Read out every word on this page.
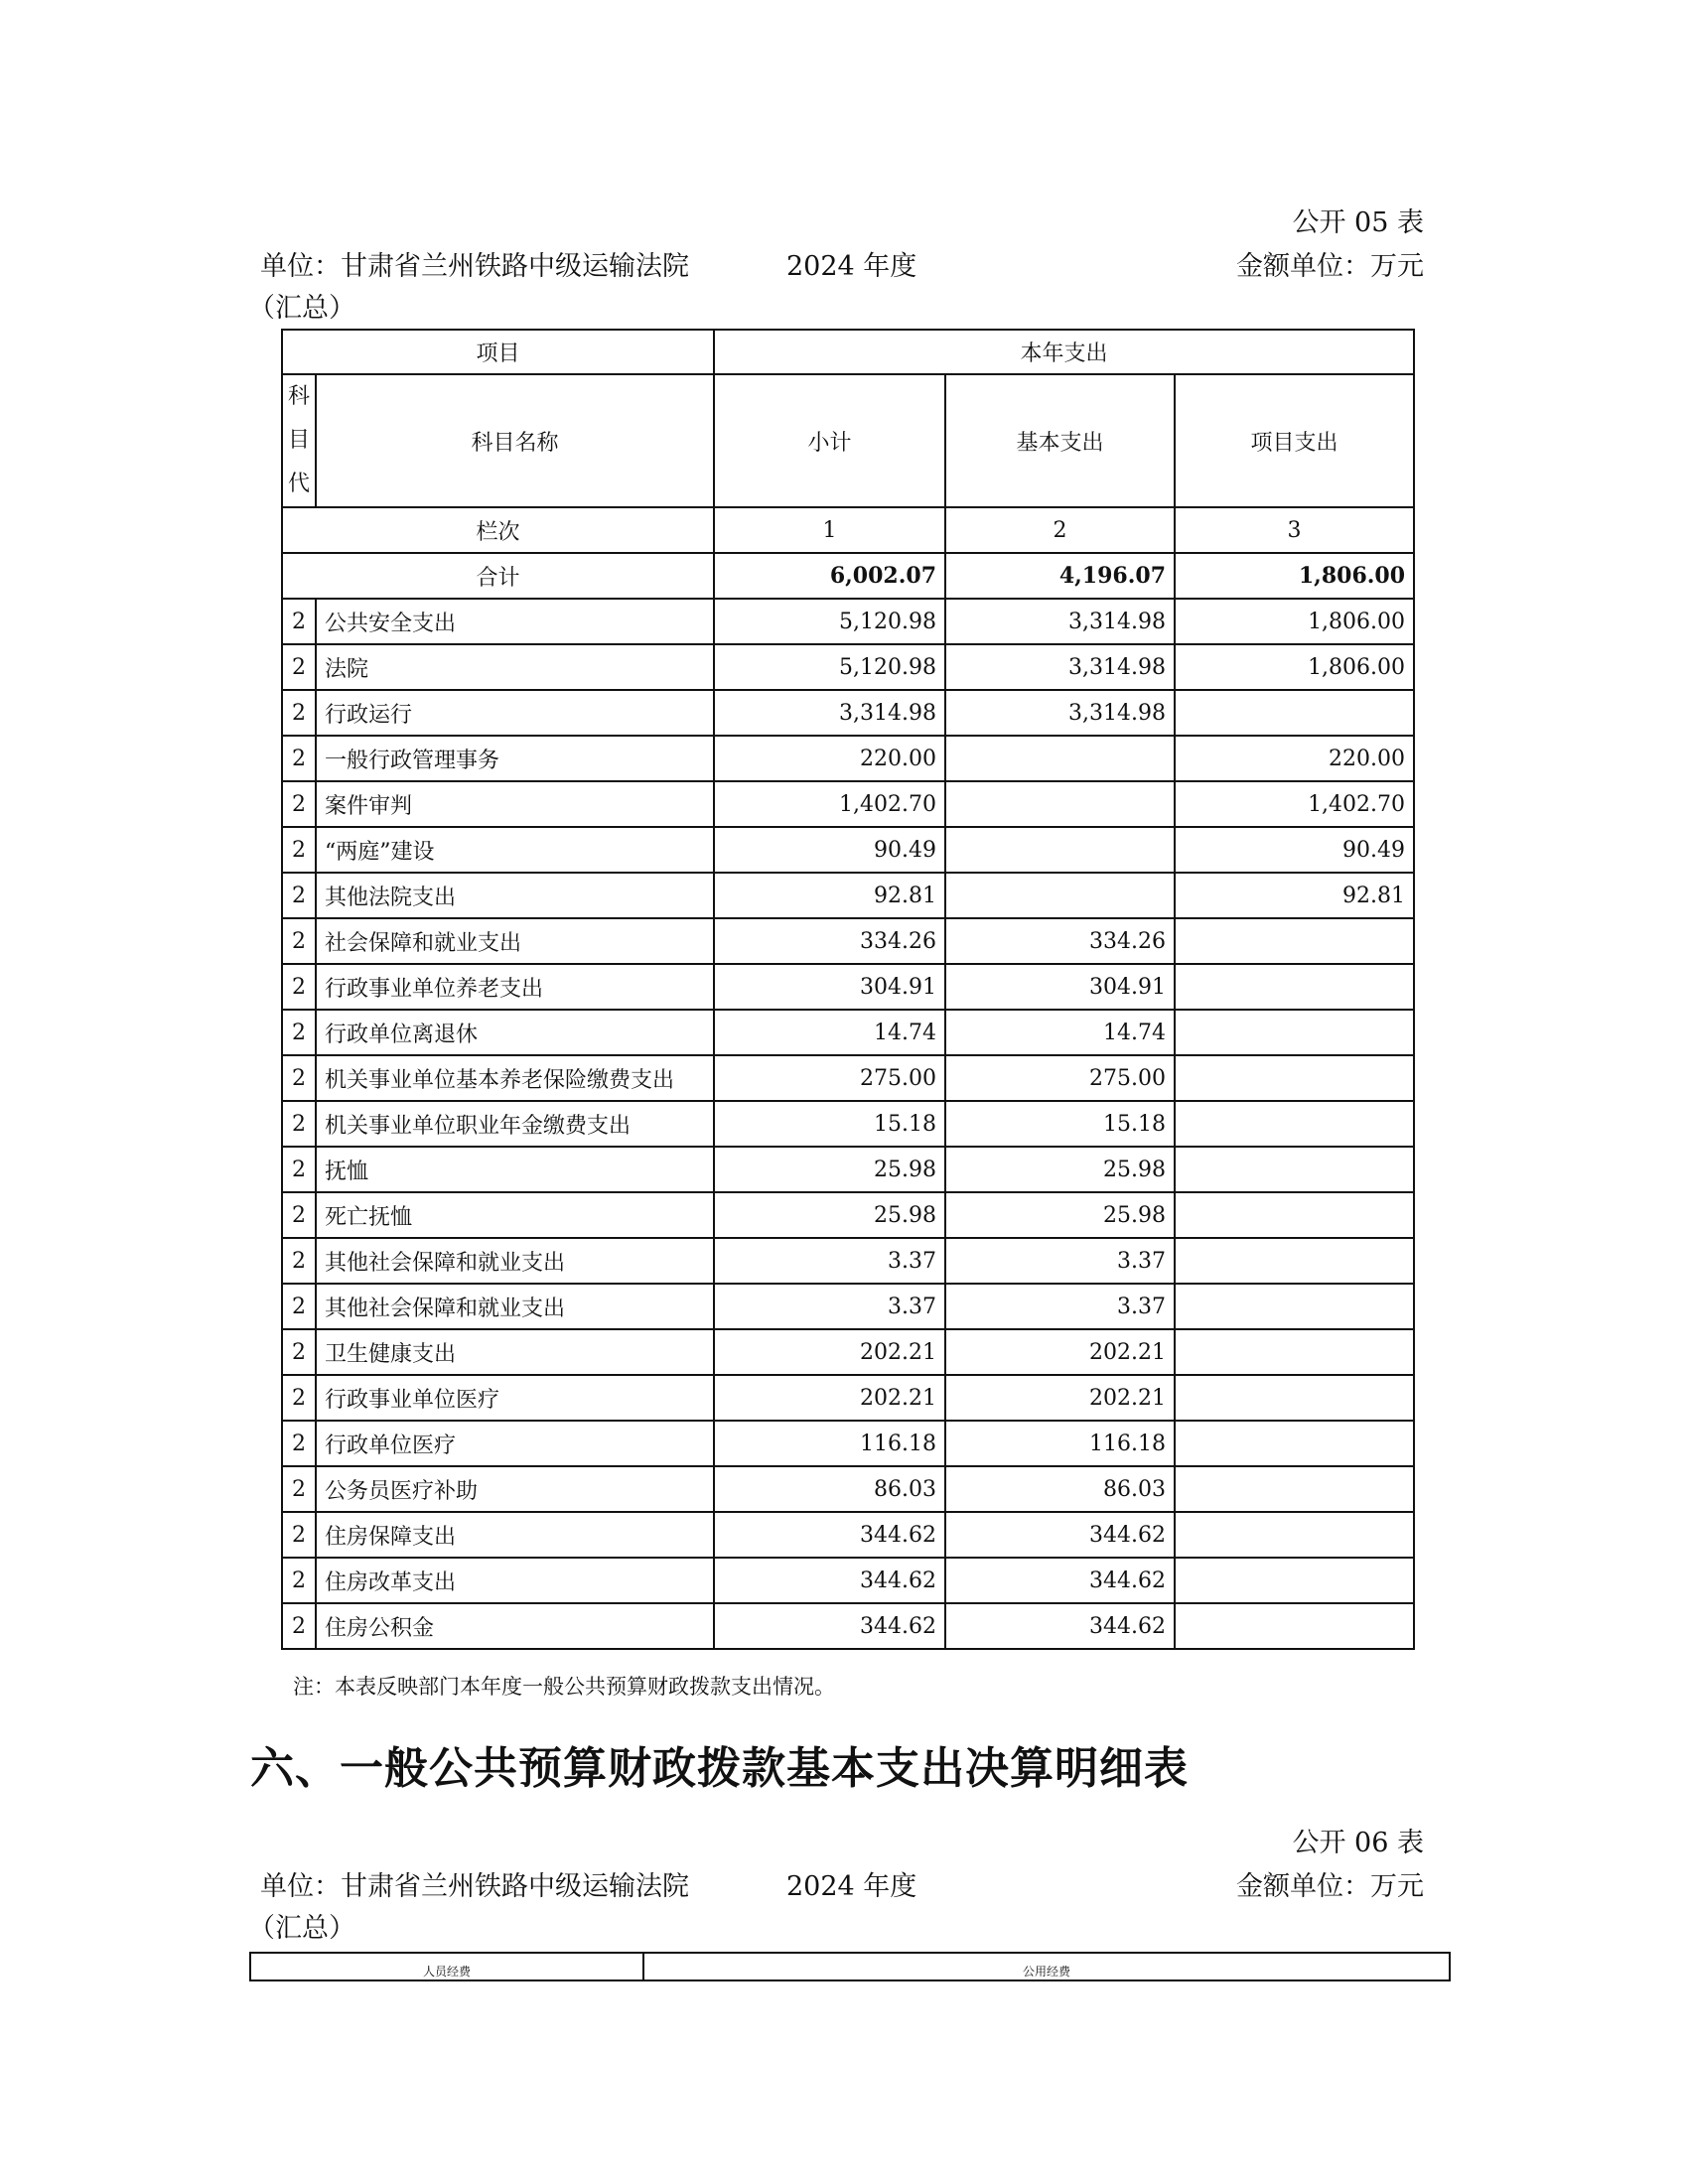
公开 05 表
单位：甘肃省兰州铁路中级运输法院	2024 年度	金额单位：万元
（汇总）
项目		本年支出		

科
目
代	科目名称	小计	基本支出	项目支出
栏次		1	2	3
合计		6,002.07	4,196.07	1,806.00
2	公共安全支出	5,120.98	3,314.98	1,806.00
2	法院	5,120.98	3,314.98	1,806.00
2	行政运行	3,314.98	3,314.98	
2	一般行政管理事务	220.00		220.00
2	案件审判	1,402.70		1,402.70
2	“两庭”建设	90.49		90.49
2	其他法院支出	92.81		92.81
2	社会保障和就业支出	334.26	334.26	
2	行政事业单位养老支出	304.91	304.91	
2	行政单位离退休	14.74	14.74	
2	机关事业单位基本养老保险缴费支出	275.00	275.00	
2	机关事业单位职业年金缴费支出	15.18	15.18	
2	抚恤	25.98	25.98	
2	死亡抚恤	25.98	25.98	
2	其他社会保障和就业支出	3.37	3.37	
2	其他社会保障和就业支出	3.37	3.37	
2	卫生健康支出	202.21	202.21	
2	行政事业单位医疗	202.21	202.21	
2	行政单位医疗	116.18	116.18	
2	公务员医疗补助	86.03	86.03	
2	住房保障支出	344.62	344.62	
2	住房改革支出	344.62	344.62	
2	住房公积金	344.62	344.62	
注：本表反映部门本年度一般公共预算财政拨款支出情况。
六、一般公共预算财政拨款基本支出决算明细表
公开 06 表
单位：甘肃省兰州铁路中级运输法院	2024 年度	金额单位：万元
（汇总）
人员经费	公用经费
